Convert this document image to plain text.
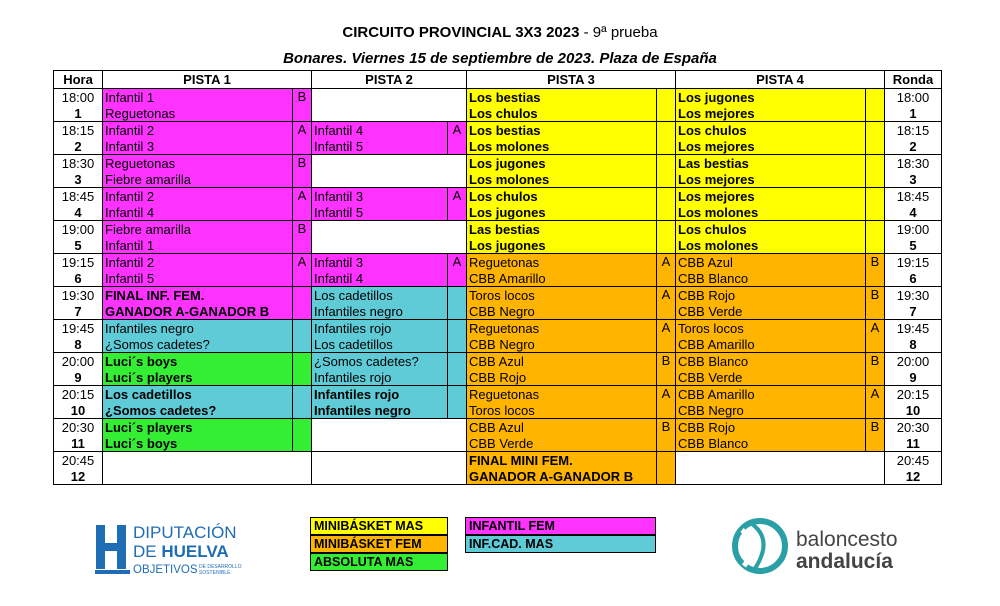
CIRCUITO PROVINCIAL 3X3 2023 - 9ª prueba
Bonares. Viernes 15 de septiembre de 2023. Plaza de España
Hora	PISTA 1		PISTA 2		PISTA 3		PISTA 4		Ronda
18:00	Infantil 1	B			Los bestias		Los jugones		18:00
1	Reguetonas				Los chulos		Los mejores		1
18:15	Infantil 2	A	Infantil 4	A	Los bestias		Los chulos		18:15
2	Infantil 3		Infantil 5		Los molones		Los mejores		2
18:30	Reguetonas	B			Los jugones		Las bestias		18:30
3	Fiebre amarilla				Los molones		Los mejores		3
18:45	Infantil 2	A	Infantil 3	A	Los chulos		Los mejores		18:45
4	Infantil 4		Infantil 5		Los jugones		Los molones		4
19:00	Fiebre amarilla	B			Las bestias		Los chulos		19:00
5	Infantil 1				Los jugones		Los molones		5
19:15	Infantil 2	A	Infantil 3	A	Reguetonas	A	CBB Azul	B	19:15
6	Infantil 5		Infantil 4		CBB Amarillo		CBB Blanco		6
19:30	FINAL INF. FEM.		Los cadetillos		Toros locos	A	CBB Rojo	B	19:30
7	GANADOR A-GANADOR B		Infantiles negro		CBB Negro		CBB Verde		7
19:45	Infantiles negro		Infantiles rojo		Reguetonas	A	Toros locos	A	19:45
8	¿Somos cadetes?		Los cadetillos		CBB Negro		CBB Amarillo		8
20:00	Luci´s boys		¿Somos cadetes?		CBB Azul	B	CBB Blanco	B	20:00
9	Luci´s players		Infantiles rojo		CBB Rojo		CBB Verde		9
20:15	Los cadetillos		Infantiles rojo		Reguetonas	A	CBB Amarillo	A	20:15
10	¿Somos cadetes?		Infantiles negro		Toros locos		CBB Negro		10
20:30	Luci´s players				CBB Azul	B	CBB Rojo	B	20:30
11	Luci´s boys				CBB Verde		CBB Blanco		11
20:45					FINAL MINI FEM.				20:45
12					GANADOR A-GANADOR B				12
MINIBÁSKET MAS
MINIBÁSKET FEM
ABSOLUTA MAS
INFANTIL FEM
INF.CAD. MAS
DIPUTACIÓN
DE HUELVA
OBJETIVOS DE DESARROLLO
SOSTENIBLE
baloncesto
andalucía
